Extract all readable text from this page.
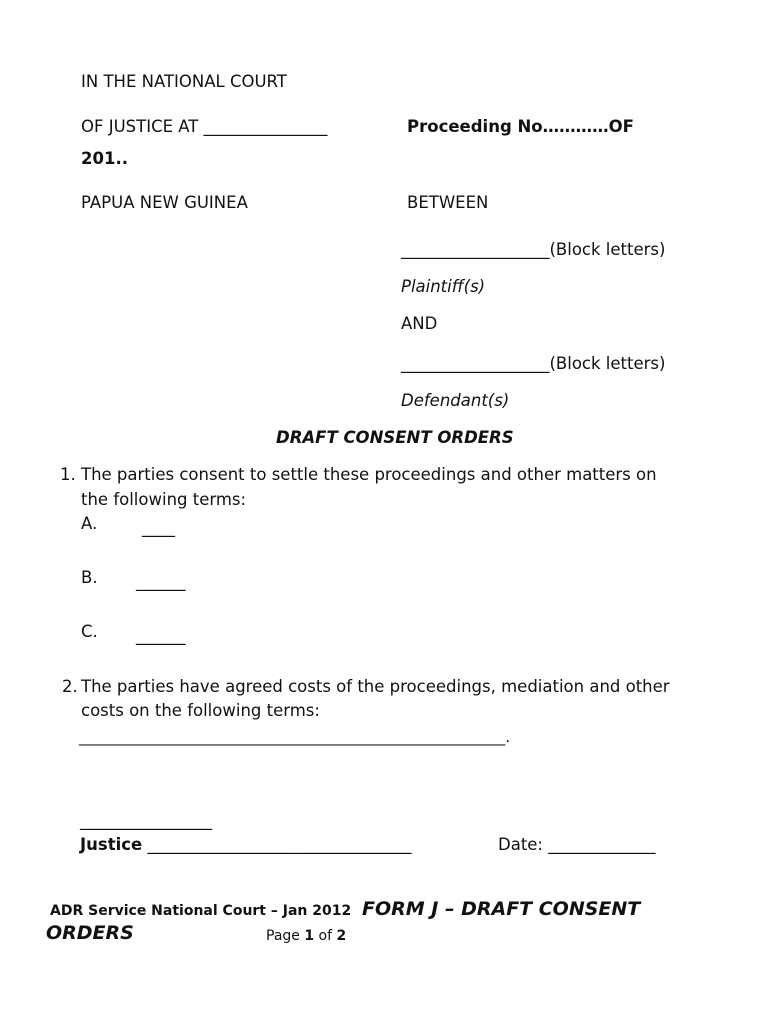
IN THE NATIONAL COURT
OF JUSTICE AT _______________	Proceeding No…………OF
201..
PAPUA NEW GUINEA	BETWEEN
__________________(Block letters)
Plaintiff(s)
AND
__________________(Block letters)
Defendant(s)
DRAFT CONSENT ORDERS
1. The parties consent to settle these proceedings and other matters on
the following terms:
A.	____
B. ______
C. ______
2. The parties have agreed costs of the proceedings, mediation and other
costs on the following terms:
_______________________________________________________.
________________
Justice ________________________________	Date: _____________
ADR Service National Court – Jan 2012 FORM J – DRAFT CONSENT
ORDERS	Page 1 of 2
